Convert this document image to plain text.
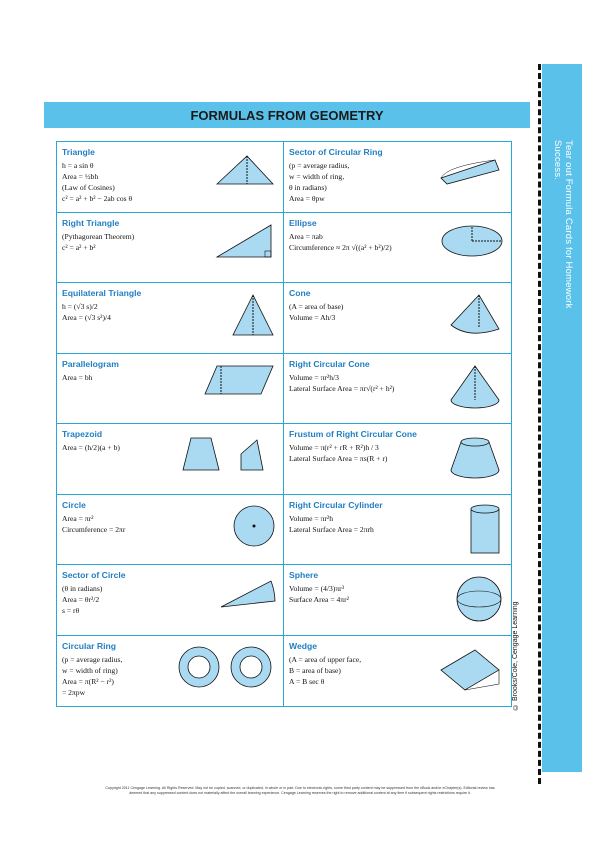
Tear out Formula Cards for Homework Success.
© Brooks/Cole, Cengage Learning
FORMULAS FROM GEOMETRY
Triangle
h = a sin θ
Area = ½bh
(Law of Cosines)
c² = a² + b² − 2ab cos θ
Sector of Circular Ring
(p = average radius,
w = width of ring,
θ in radians)
Area = θpw
Right Triangle
(Pythagorean Theorem)
c² = a² + b²
Ellipse
Area = πab
Circumference ≈ 2π √((a² + b²)/2)
Equilateral Triangle
h = (√3 s)/2
Area = (√3 s²)/4
Cone
(A = area of base)
Volume = Ah/3
Parallelogram
Area = bh
Right Circular Cone
Volume = πr²h/3
Lateral Surface Area = πr√(r² + h²)
Trapezoid
Area = (h/2)(a + b)
Frustum of Right Circular Cone
Volume = π(r² + rR + R²)h / 3
Lateral Surface Area = πs(R + r)
Circle
Area = πr²
Circumference = 2πr
Right Circular Cylinder
Volume = πr²h
Lateral Surface Area = 2πrh
Sector of Circle
(θ in radians)
Area = θr²/2
s = rθ
Sphere
Volume = (4/3)πr³
Surface Area = 4πr²
Circular Ring
(p = average radius,
w = width of ring)
Area = π(R² − r²)
= 2πpw
Wedge
(A = area of upper face,
B = area of base)
A = B sec θ
Copyright 2011 Cengage Learning. All Rights Reserved. May not be copied, scanned, or duplicated, in whole or in part. Due to electronic rights, some third party content may be suppressed from the eBook and/or eChapter(s). Editorial review has
deemed that any suppressed content does not materially affect the overall learning experience. Cengage Learning reserves the right to remove additional content at any time if subsequent rights restrictions require it.
